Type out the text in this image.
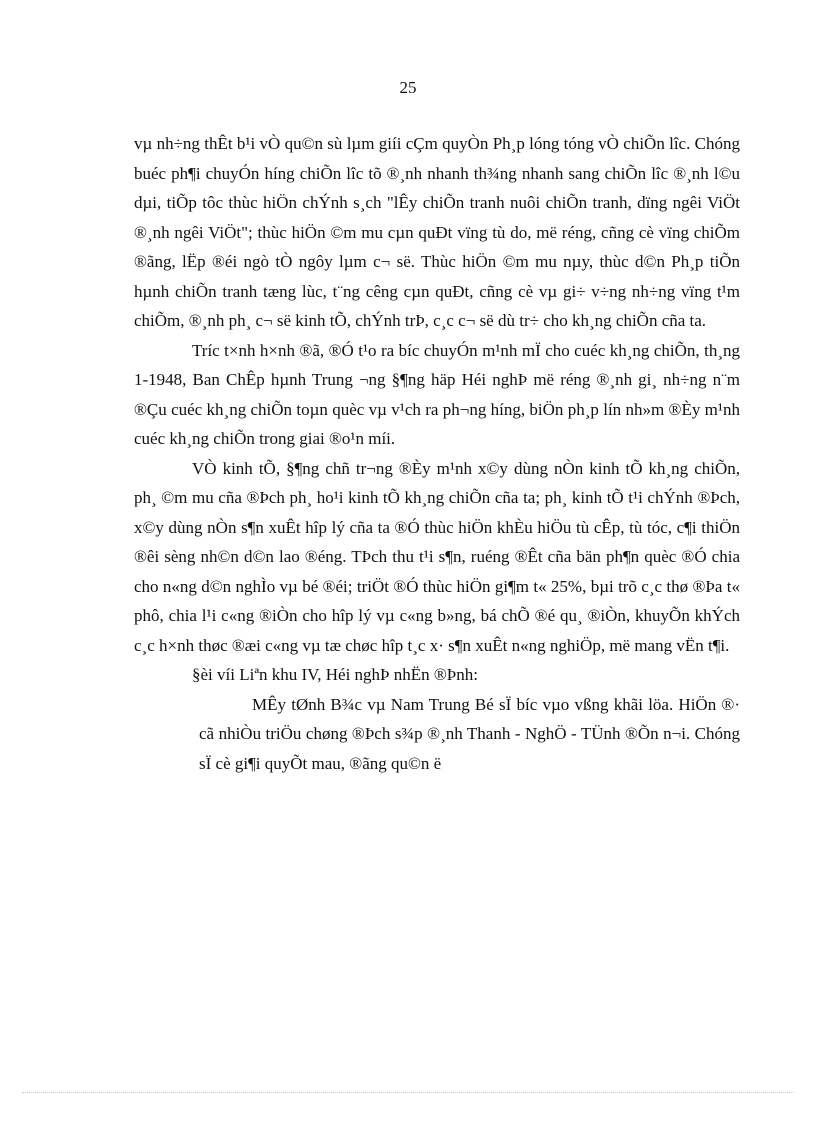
25

vµ nh÷ng thÊt b¹i vÒ qu©n sù lµm giíi cÇm quyÒn Ph¸p lóng tóng vÒ chiÕn lîc. Chóng buéc ph¶i chuyÓn híng chiÕn lîc tõ ®¸nh nhanh th¾ng nhanh sang chiÕn lîc ®¸nh l©u dµi, tiÕp tôc thùc hiÖn chÝnh s¸ch "lÊy chiÕn tranh nuôi chiÕn tranh, dïng ngêi ViÖt ®¸nh ngêi ViÖt"; thùc hiÖn ©m mu cµn quÐt vïng tù do, më réng, cñng cè vïng chiÕm ®ãng, lËp ®éi ngò tÒ ngôy lµm c¬ së. Thùc hiÖn ©m mu nµy, thùc d©n Ph¸p tiÕn hµnh chiÕn tranh tæng lùc, t¨ng cêng cµn quÐt, cñng cè vµ gi÷ v÷ng nh÷ng vïng t¹m chiÕm, ®¸nh ph¸ c¬ së kinh tÕ, chÝnh trÞ, c¸c c¬ së dù tr÷ cho kh¸ng chiÕn cña ta.

Tríc t×nh h×nh ®ã, ®Ó t¹o ra bíc chuyÓn m¹nh mÏ cho cuéc kh¸ng chiÕn, th¸ng 1-1948, Ban ChÊp hµnh Trung ¬ng §¶ng häp Héi nghÞ më réng ®¸nh gi¸ nh÷ng n¨m ®Çu cuéc kh¸ng chiÕn toµn quèc vµ v¹ch ra ph¬ng híng, biÖn ph¸p lín nh»m ®Èy m¹nh cuéc kh¸ng chiÕn trong giai ®o¹n míi.

VÒ kinh tÕ, §¶ng chñ tr¬ng ®Èy m¹nh x©y dùng nÒn kinh tÕ kh¸ng chiÕn, ph¸ ©m mu cña ®Þch ph¸ ho¹i kinh tÕ kh¸ng chiÕn cña ta; ph¸ kinh tÕ t¹i chÝnh ®Þch, x©y dùng nÒn s¶n xuÊt hîp lý cña ta ®Ó thùc hiÖn khÈu hiÖu tù cÊp, tù tóc, c¶i thiÖn ®êi sèng nh©n d©n lao ®éng. TÞch thu t¹i s¶n, ruéng ®Êt cña bän ph¶n quèc ®Ó chia cho n«ng d©n nghÌo vµ bé ®éi; triÖt ®Ó thùc hiÖn gi¶m t« 25%, bµi trõ c¸c thø ®Þa t« phô, chia l¹i c«ng ®iÒn cho hîp lý vµ c«ng b»ng, bá chÕ ®é qu¸ ®iÒn, khuyÕn khÝch c¸c h×nh thøc ®æi c«ng vµ tæ chøc hîp t¸c x· s¶n xuÊt n«ng nghiÖp, më mang vËn t¶i.

§èi víi Liªn khu IV, Héi nghÞ nhËn ®Þnh:

MÊy tØnh B¾c vµ Nam Trung Bé sÏ bíc vµo vßng khãi löa. HiÖn ®· cã nhiÒu triÖu chøng ®Þch s¾p ®¸nh Thanh - NghÖ - TÜnh ®Õn n¬i. Chóng sÏ cè gi¶i quyÕt mau, ®ãng qu©n ë
